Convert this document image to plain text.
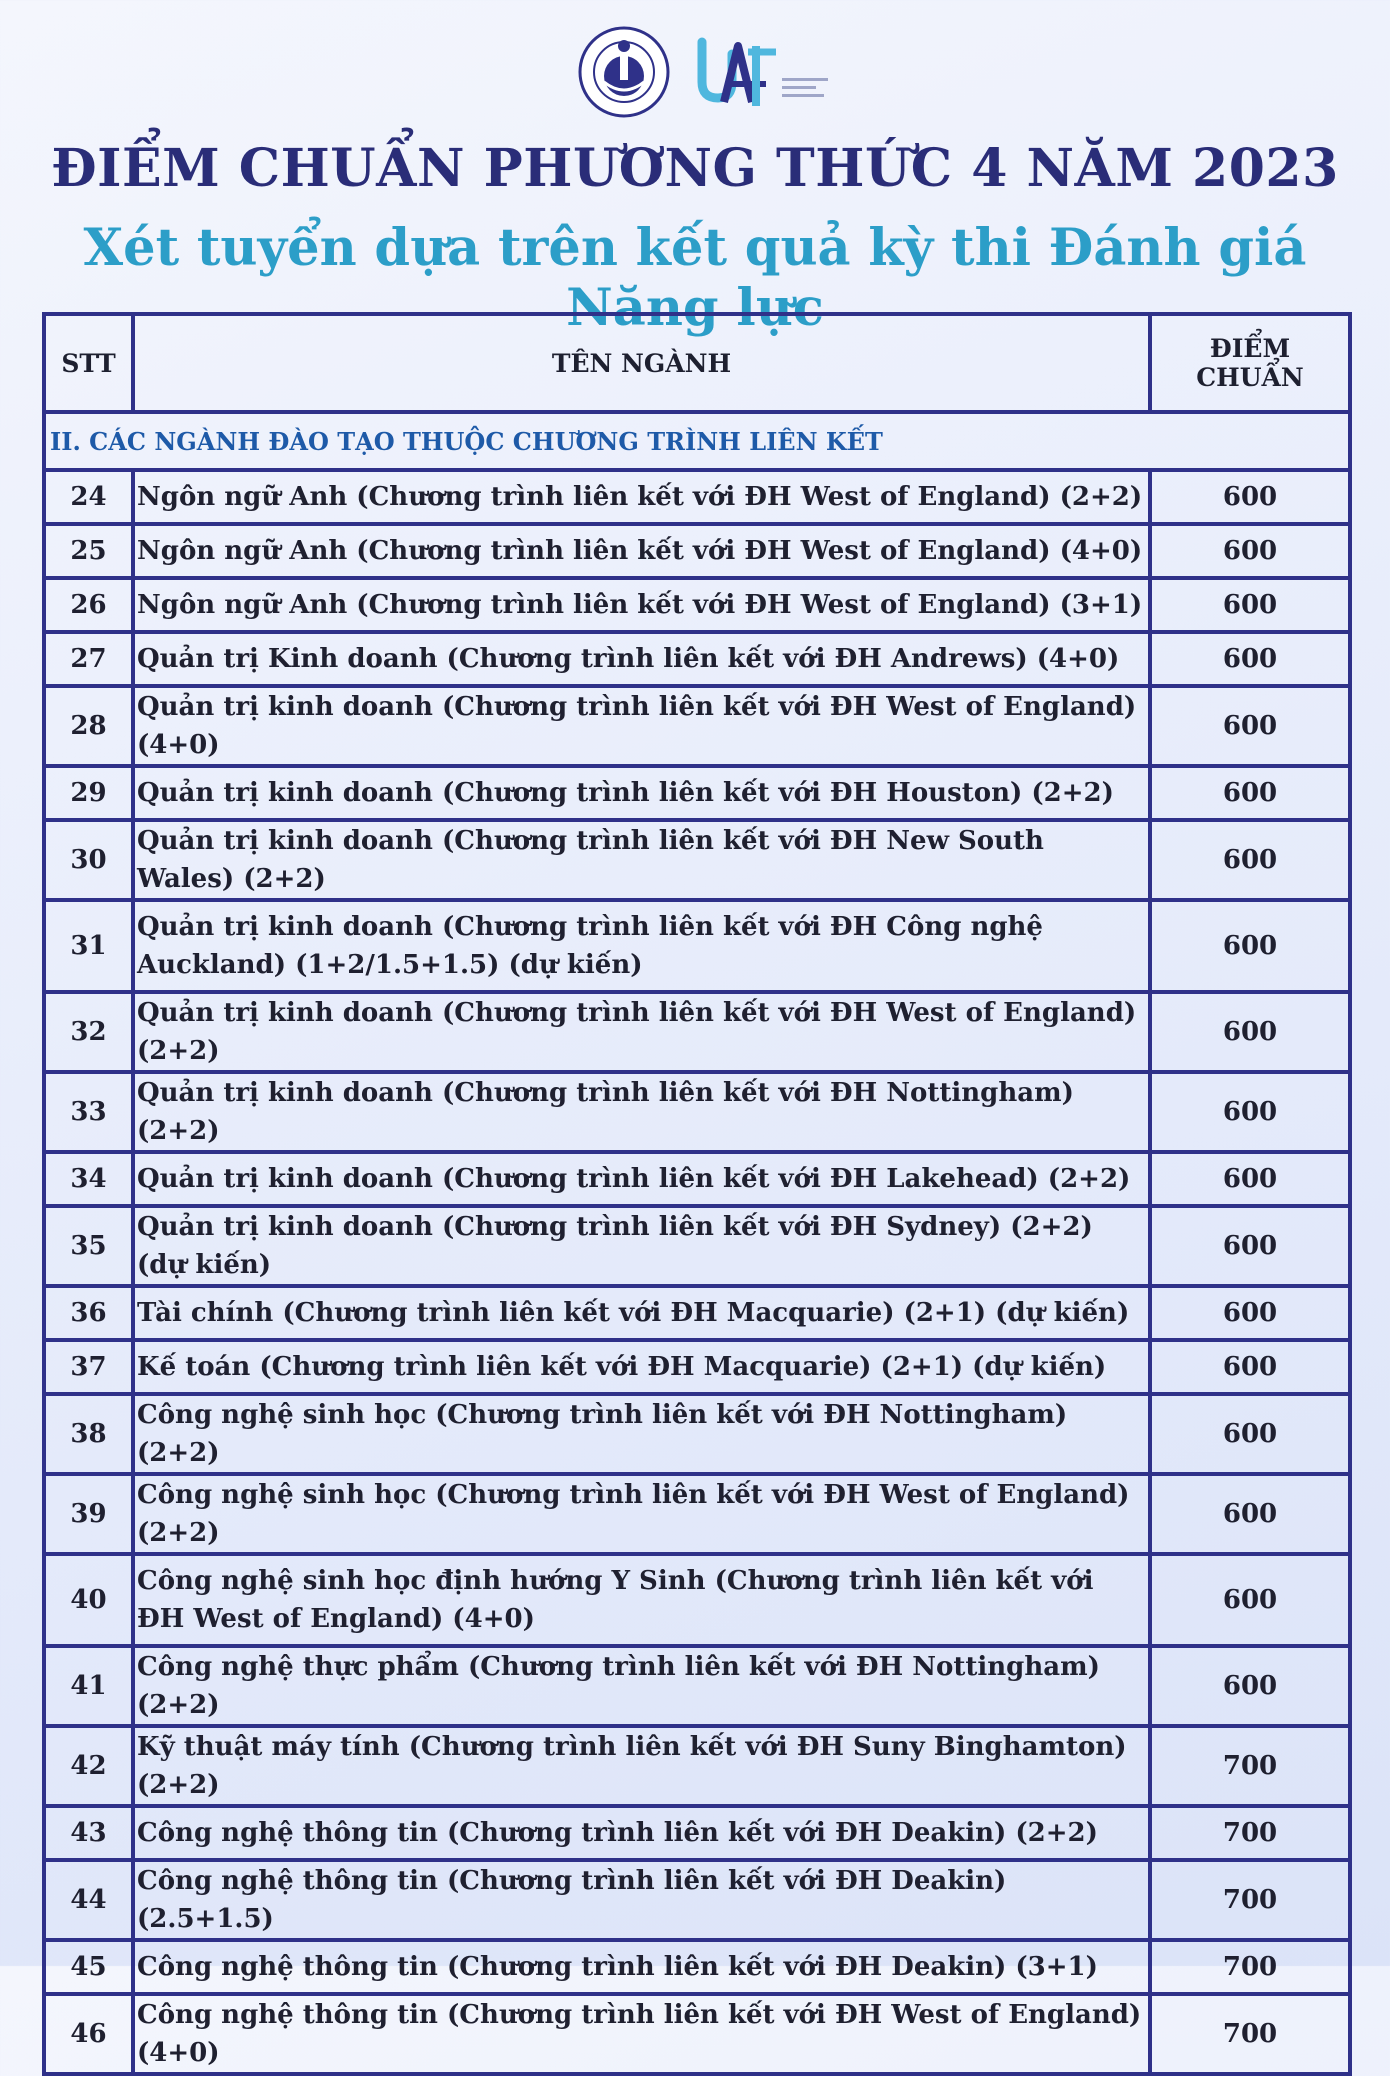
ĐIỂM CHUẨN PHƯƠNG THỨC 4 NĂM 2023
Xét tuyển dựa trên kết quả kỳ thi Đánh giá Năng lực
STT	TÊN NGÀNH	ĐIỂM CHUẨN
II. CÁC NGÀNH ĐÀO TẠO THUỘC CHƯƠNG TRÌNH LIÊN KẾT		
24	Ngôn ngữ Anh (Chương trình liên kết với ĐH West of England) (2+2)	600
25	Ngôn ngữ Anh (Chương trình liên kết với ĐH West of England) (4+0)	600
26	Ngôn ngữ Anh (Chương trình liên kết với ĐH West of England) (3+1)	600
27	Quản trị Kinh doanh (Chương trình liên kết với ĐH Andrews) (4+0)	600
28	Quản trị kinh doanh (Chương trình liên kết với ĐH West of England) (4+0)	600
29	Quản trị kinh doanh (Chương trình liên kết với ĐH Houston) (2+2)	600
30	Quản trị kinh doanh (Chương trình liên kết với ĐH New South Wales) (2+2)	600
31	Quản trị kinh doanh (Chương trình liên kết với ĐH Công nghệ Auckland) (1+2/1.5+1.5) (dự kiến)	600
32	Quản trị kinh doanh (Chương trình liên kết với ĐH West of England) (2+2)	600
33	Quản trị kinh doanh (Chương trình liên kết với ĐH Nottingham) (2+2)	600
34	Quản trị kinh doanh (Chương trình liên kết với ĐH Lakehead) (2+2)	600
35	Quản trị kinh doanh (Chương trình liên kết với ĐH Sydney) (2+2) (dự kiến)	600
36	Tài chính (Chương trình liên kết với ĐH Macquarie) (2+1) (dự kiến)	600
37	Kế toán (Chương trình liên kết với ĐH Macquarie) (2+1) (dự kiến)	600
38	Công nghệ sinh học (Chương trình liên kết với ĐH Nottingham) (2+2)	600
39	Công nghệ sinh học (Chương trình liên kết với ĐH West of England) (2+2)	600
40	Công nghệ sinh học định hướng Y Sinh (Chương trình liên kết với ĐH West of England) (4+0)	600
41	Công nghệ thực phẩm (Chương trình liên kết với ĐH Nottingham) (2+2)	600
42	Kỹ thuật máy tính (Chương trình liên kết với ĐH Suny Binghamton) (2+2)	700
43	Công nghệ thông tin (Chương trình liên kết với ĐH Deakin) (2+2)	700
44	Công nghệ thông tin (Chương trình liên kết với ĐH Deakin) (2.5+1.5)	700
45	Công nghệ thông tin (Chương trình liên kết với ĐH Deakin) (3+1)	700
46	Công nghệ thông tin (Chương trình liên kết với ĐH West of England) (4+0)	700
